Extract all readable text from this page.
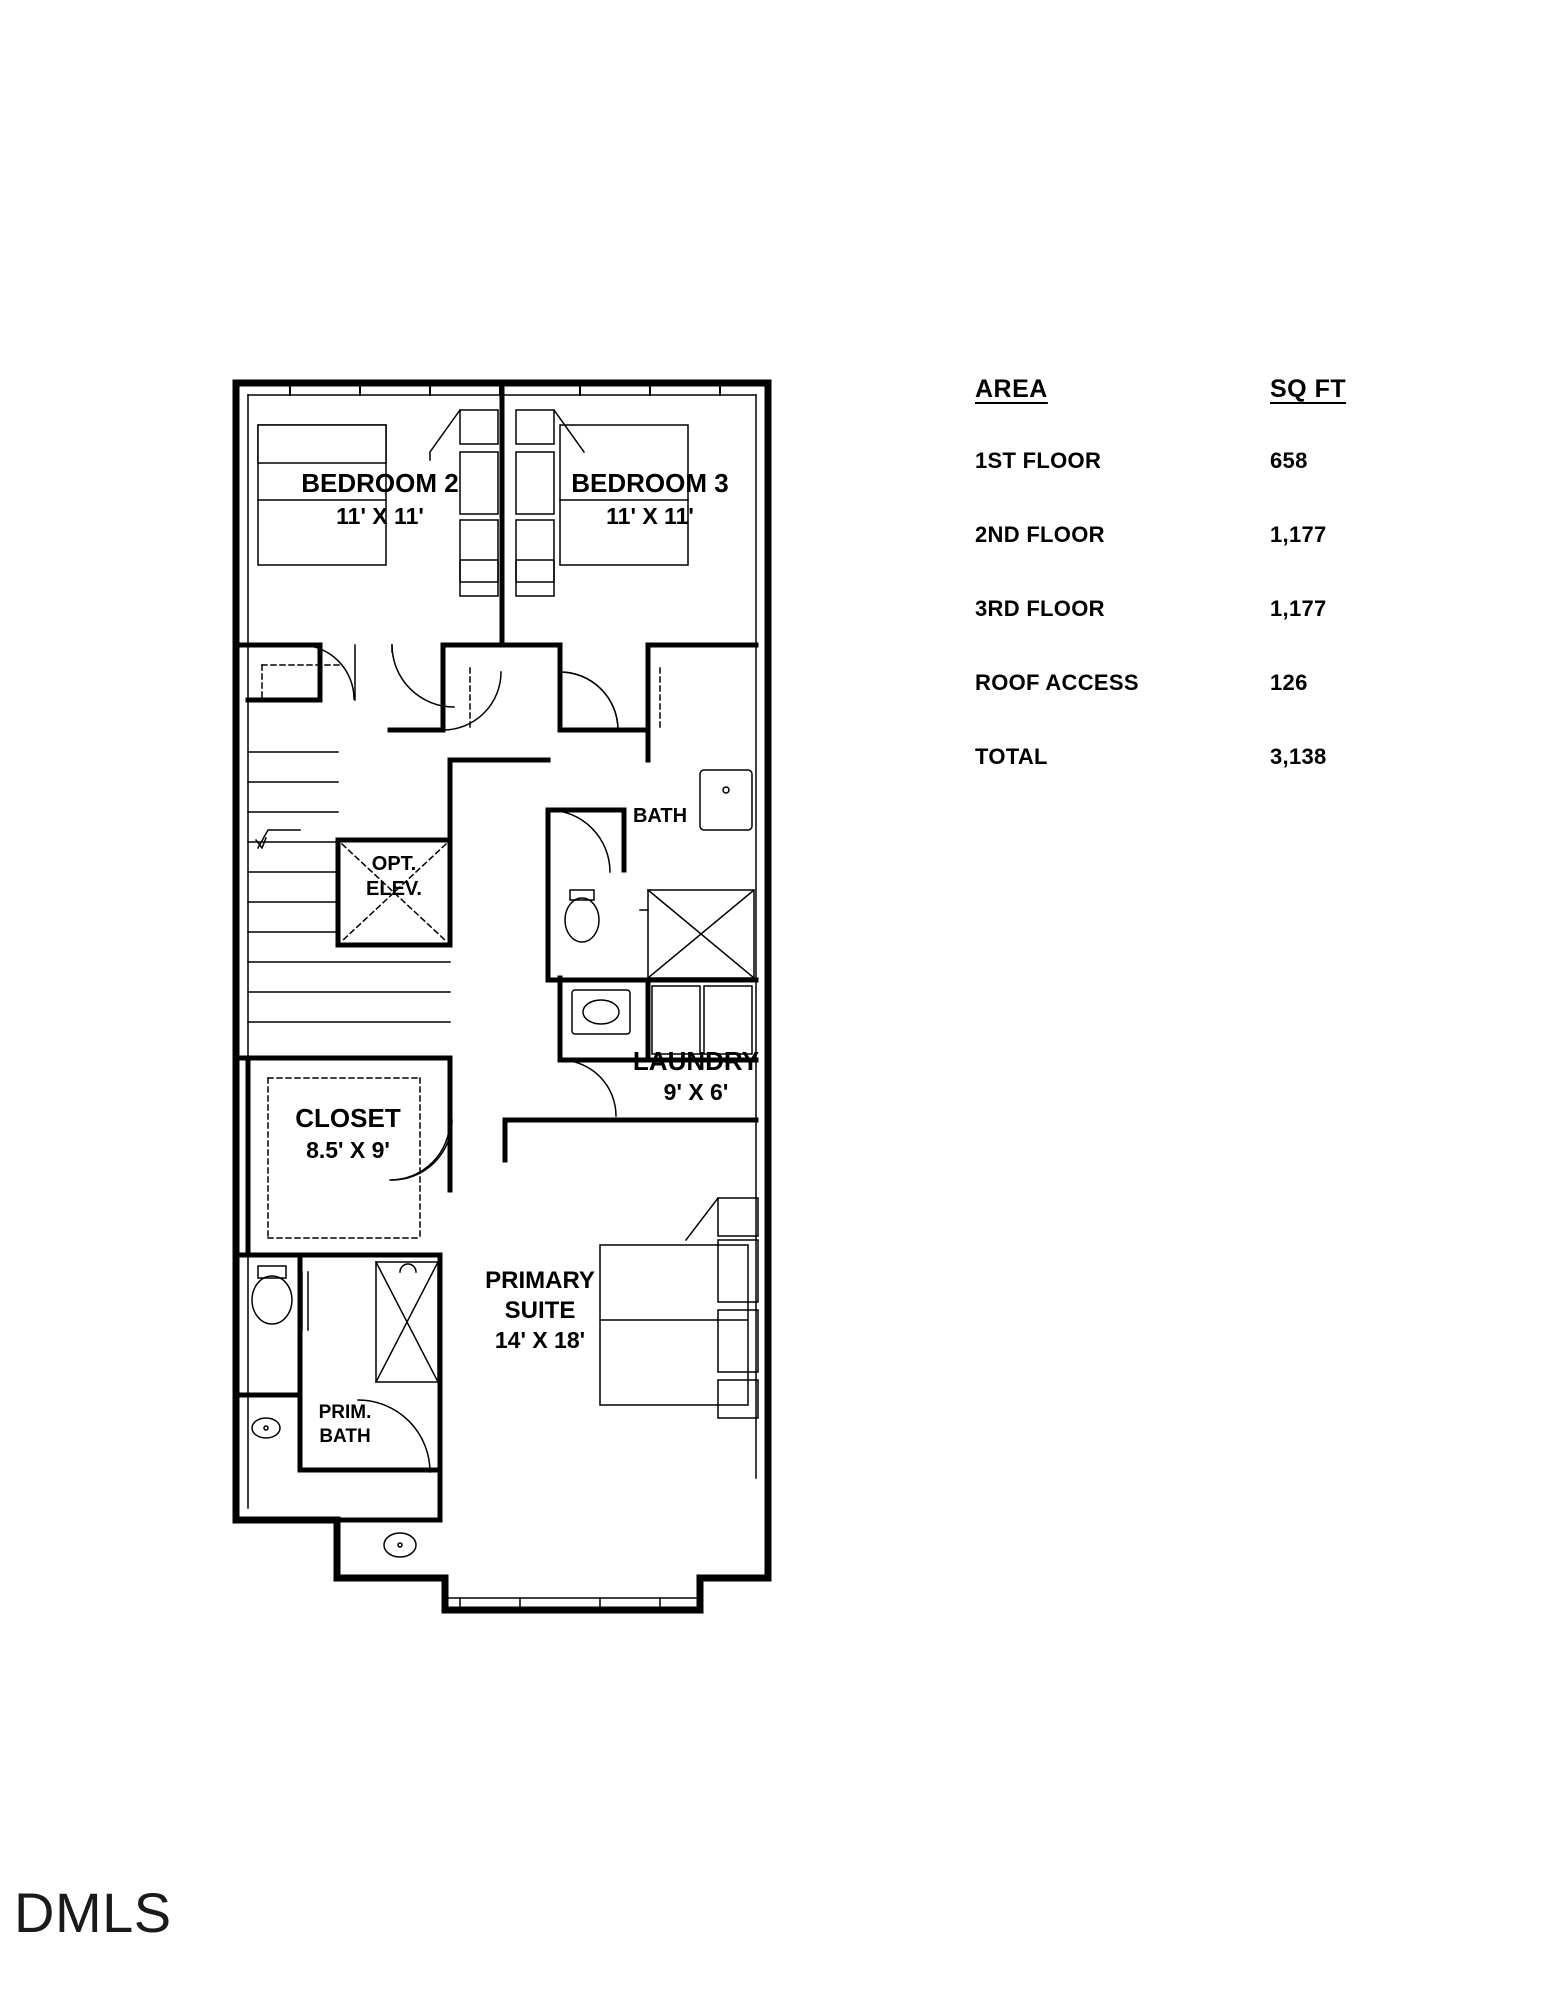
BEDROOM 2
11' X 11'
BEDROOM 3
11' X 11'
BATH
OPT.
ELEV.
LAUNDRY
9' X 6'
CLOSET
8.5' X 9'
PRIMARY
SUITE
14' X 18'
PRIM.
BATH
AREA	SQ FT
1ST FLOOR	658
2ND FLOOR	1,177
3RD FLOOR	1,177
ROOF ACCESS	126
TOTAL	3,138
DMLS
